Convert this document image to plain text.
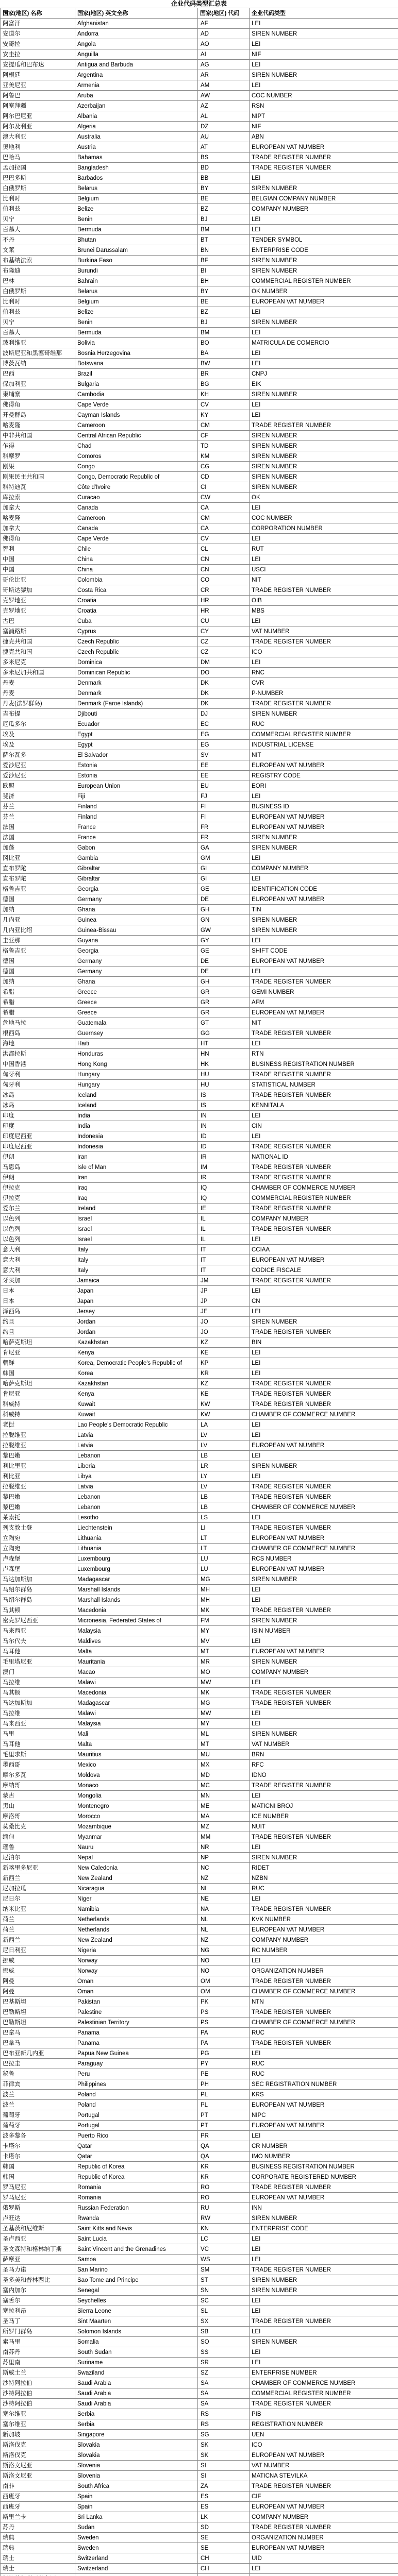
企业代码类型汇总表
国家(地区) 名称	国家(地区) 英文全称	国家(地区) 代码	企业代码类型
阿富汗	Afghanistan	AF	LEI
安道尔	Andorra	AD	SIREN NUMBER
安哥拉	Angola	AO	LEI
安圭拉	Anguilla	AI	NIF
安提瓜和巴布达	Antigua and Barbuda	AG	LEI
阿根廷	Argentina	AR	SIREN NUMBER
亚美尼亚	Armenia	AM	LEI
阿鲁巴	Aruba	AW	COC NUMBER
阿塞拜疆	Azerbaijan	AZ	RSN
阿尔巴尼亚	Albania	AL	NIPT
阿尔及利亚	Algeria	DZ	NIF
澳大利亚	Australia	AU	ABN
奥地利	Austria	AT	EUROPEAN VAT NUMBER
巴哈马	Bahamas	BS	TRADE REGISTER NUMBER
孟加拉国	Bangladesh	BD	TRADE REGISTER NUMBER
巴巴多斯	Barbados	BB	LEI
白俄罗斯	Belarus	BY	SIREN NUMBER
比利时	Belgium	BE	BELGIAN COMPANY NUMBER
伯利兹	Belize	BZ	COMPANY NUMBER
贝宁	Benin	BJ	LEI
百慕大	Bermuda	BM	LEI
不丹	Bhutan	BT	TENDER SYMBOL
文莱	Brunei Darussalam	BN	ENTERPRISE CODE
布基纳法索	Burkina Faso	BF	SIREN NUMBER
布隆迪	Burundi	BI	SIREN NUMBER
巴林	Bahrain	BH	COMMERCIAL REGISTER NUMBER
白俄罗斯	Belarus	BY	OK NUMBER
比利时	Belgium	BE	EUROPEAN VAT NUMBER
伯利兹	Belize	BZ	LEI
贝宁	Benin	BJ	SIREN NUMBER
百慕大	Bermuda	BM	LEI
玻利维亚	Bolivia	BO	MATRICULA DE COMERCIO
波斯尼亚和黑塞哥维那	Bosnia Herzegovina	BA	LEI
博茨瓦纳	Botswana	BW	LEI
巴西	Brazil	BR	CNPJ
保加利亚	Bulgaria	BG	EIK
柬埔寨	Cambodia	KH	SIREN NUMBER
佛得角	Cape Verde	CV	LEI
开曼群岛	Cayman Islands	KY	LEI
喀麦隆	Cameroon	CM	TRADE REGISTER NUMBER
中非共和国	Central African Republic	CF	SIREN NUMBER
乍得	Chad	TD	SIREN NUMBER
科摩罗	Comoros	KM	SIREN NUMBER
刚果	Congo	CG	SIREN NUMBER
刚果民主共和国	Congo, Democratic Republic of	CD	SIREN NUMBER
科特迪瓦	Côte d'Ivoire	CI	SIREN NUMBER
库拉索	Curacao	CW	OK
加拿大	Canada	CA	LEI
喀麦隆	Cameroon	CM	COC NUMBER
加拿大	Canada	CA	CORPORATION NUMBER
佛得角	Cape Verde	CV	LEI
智利	Chile	CL	RUT
中国	China	CN	LEI
中国	China	CN	USCI
哥伦比亚	Colombia	CO	NIT
哥斯达黎加	Costa Rica	CR	TRADE REGISTER NUMBER
克罗地亚	Croatia	HR	OIB
克罗地亚	Croatia	HR	MBS
古巴	Cuba	CU	LEI
塞浦路斯	Cyprus	CY	VAT NUMBER
捷克共和国	Czech Republic	CZ	TRADE REGISTER NUMBER
捷克共和国	Czech Republic	CZ	ICO
多米尼克	Dominica	DM	LEI
多米尼加共和国	Dominican Republic	DO	RNC
丹麦	Denmark	DK	CVR
丹麦	Denmark	DK	P-NUMBER
丹麦(法罗群岛)	Denmark (Faroe Islands)	DK	TRADE REGISTER NUMBER
吉布提	Djibouti	DJ	SIREN NUMBER
厄瓜多尔	Ecuador	EC	RUC
埃及	Egypt	EG	COMMERCIAL REGISTER NUMBER
埃及	Egypt	EG	INDUSTRIAL LICENSE
萨尔瓦多	El Salvador	SV	NIT
爱沙尼亚	Estonia	EE	EUROPEAN VAT NUMBER
爱沙尼亚	Estonia	EE	REGISTRY CODE
欧盟	European Union	EU	EORI
斐济	Fiji	FJ	LEI
芬兰	Finland	FI	BUSINESS ID
芬兰	Finland	FI	EUROPEAN VAT NUMBER
法国	France	FR	EUROPEAN VAT NUMBER
法国	France	FR	SIREN NUMBER
加蓬	Gabon	GA	SIREN NUMBER
冈比亚	Gambia	GM	LEI
直布罗陀	Gibraltar	GI	COMPANY NUMBER
直布罗陀	Gibraltar	GI	LEI
格鲁吉亚	Georgia	GE	IDENTIFICATION CODE
德国	Germany	DE	EUROPEAN VAT NUMBER
加纳	Ghana	GH	TIN
几内亚	Guinea	GN	SIREN NUMBER
几内亚比绍	Guinea-Bissau	GW	SIREN NUMBER
圭亚那	Guyana	GY	LEI
格鲁吉亚	Georgia	GE	SHIFT CODE
德国	Germany	DE	EUROPEAN VAT NUMBER
德国	Germany	DE	LEI
加纳	Ghana	GH	TRADE REGISTER NUMBER
希腊	Greece	GR	GEMI NUMBER
希腊	Greece	GR	AFM
希腊	Greece	GR	EUROPEAN VAT NUMBER
危地马拉	Guatemala	GT	NIT
根西岛	Guernsey	GG	TRADE REGISTER NUMBER
海地	Haiti	HT	LEI
洪都拉斯	Honduras	HN	RTN
中国香港	Hong Kong	HK	BUSINESS REGISTRATION NUMBER
匈牙利	Hungary	HU	TRADE REGISTER NUMBER
匈牙利	Hungary	HU	STATISTICAL NUMBER
冰岛	Iceland	IS	TRADE REGISTER NUMBER
冰岛	Iceland	IS	KENNITALA
印度	India	IN	LEI
印度	India	IN	CIN
印度尼西亚	Indonesia	ID	LEI
印度尼西亚	Indonesia	ID	TRADE REGISTER NUMBER
伊朗	Iran	IR	NATIONAL ID
马恩岛	Isle of Man	IM	TRADE REGISTER NUMBER
伊朗	Iran	IR	TRADE REGISTER NUMBER
伊拉克	Iraq	IQ	CHAMBER OF COMMERCE NUMBER
伊拉克	Iraq	IQ	COMMERCIAL REGISTER NUMBER
爱尔兰	Ireland	IE	TRADE REGISTER NUMBER
以色列	Israel	IL	COMPANY NUMBER
以色列	Israel	IL	TRADE REGISTER NUMBER
以色列	Israel	IL	LEI
意大利	Italy	IT	CCIAA
意大利	Italy	IT	EUROPEAN VAT NUMBER
意大利	Italy	IT	CODICE FISCALE
牙买加	Jamaica	JM	TRADE REGISTER NUMBER
日本	Japan	JP	LEI
日本	Japan	JP	CN
泽西岛	Jersey	JE	LEI
约旦	Jordan	JO	SIREN NUMBER
约旦	Jordan	JO	TRADE REGISTER NUMBER
哈萨克斯坦	Kazakhstan	KZ	BIN
肯尼亚	Kenya	KE	LEI
朝鲜	Korea, Democratic People's Republic of	KP	LEI
韩国	Korea	KR	LEI
哈萨克斯坦	Kazakhstan	KZ	TRADE REGISTER NUMBER
肯尼亚	Kenya	KE	TRADE REGISTER NUMBER
科威特	Kuwait	KW	TRADE REGISTER NUMBER
科威特	Kuwait	KW	CHAMBER OF COMMERCE NUMBER
老挝	Lao People's Democratic Republic	LA	LEI
拉脱维亚	Latvia	LV	LEI
拉脱维亚	Latvia	LV	EUROPEAN VAT NUMBER
黎巴嫩	Lebanon	LB	LEI
利比里亚	Liberia	LR	SIREN NUMBER
利比亚	Libya	LY	LEI
拉脱维亚	Latvia	LV	TRADE REGISTER NUMBER
黎巴嫩	Lebanon	LB	TRADE REGISTER NUMBER
黎巴嫩	Lebanon	LB	CHAMBER OF COMMERCE NUMBER
莱索托	Lesotho	LS	LEI
列支敦士登	Liechtenstein	LI	TRADE REGISTER NUMBER
立陶宛	Lithuania	LT	EUROPEAN VAT NUMBER
立陶宛	Lithuania	LT	CHAMBER OF COMMERCE NUMBER
卢森堡	Luxembourg	LU	RCS NUMBER
卢森堡	Luxembourg	LU	EUROPEAN VAT NUMBER
马达加斯加	Madagascar	MG	SIREN NUMBER
马绍尔群岛	Marshall Islands	MH	LEI
马绍尔群岛	Marshall Islands	MH	LEI
马其顿	Macedonia	MK	TRADE REGISTER NUMBER
密克罗尼西亚	Micronesia, Federated States of	FM	SIREN NUMBER
马来西亚	Malaysia	MY	ISIN NUMBER
马尔代夫	Maldives	MV	LEI
马耳他	Malta	MT	EUROPEAN VAT NUMBER
毛里塔尼亚	Mauritania	MR	SIREN NUMBER
澳门	Macao	MO	COMPANY NUMBER
马拉维	Malawi	MW	LEI
马其顿	Macedonia	MK	TRADE REGISTER NUMBER
马达加斯加	Madagascar	MG	TRADE REGISTER NUMBER
马拉维	Malawi	MW	LEI
马来西亚	Malaysia	MY	LEI
马里	Mali	ML	SIREN NUMBER
马耳他	Malta	MT	VAT NUMBER
毛里求斯	Mauritius	MU	BRN
墨西哥	Mexico	MX	RFC
摩尔多瓦	Moldova	MD	IDNO
摩纳哥	Monaco	MC	TRADE REGISTER NUMBER
蒙古	Mongolia	MN	LEI
黑山	Montenegro	ME	MATICNI BROJ
摩洛哥	Morocco	MA	ICE NUMBER
莫桑比克	Mozambique	MZ	NUIT
缅甸	Myanmar	MM	TRADE REGISTER NUMBER
瑙鲁	Nauru	NR	LEI
尼泊尔	Nepal	NP	SIREN NUMBER
新喀里多尼亚	New Caledonia	NC	RIDET
新西兰	New Zealand	NZ	NZBN
尼加拉瓜	Nicaragua	NI	RUC
尼日尔	Niger	NE	LEI
纳米比亚	Namibia	NA	TRADE REGISTER NUMBER
荷兰	Netherlands	NL	KVK NUMBER
荷兰	Netherlands	NL	EUROPEAN VAT NUMBER
新西兰	New Zealand	NZ	COMPANY NUMBER
尼日利亚	Nigeria	NG	RC NUMBER
挪威	Norway	NO	LEI
挪威	Norway	NO	ORGANIZATION NUMBER
阿曼	Oman	OM	TRADE REGISTER NUMBER
阿曼	Oman	OM	CHAMBER OF COMMERCE NUMBER
巴基斯坦	Pakistan	PK	NTN
巴勒斯坦	Palestine	PS	TRADE REGISTER NUMBER
巴勒斯坦	Palestinian Territory	PS	CHAMBER OF COMMERCE NUMBER
巴拿马	Panama	PA	RUC
巴拿马	Panama	PA	TRADE REGISTER NUMBER
巴布亚新几内亚	Papua New Guinea	PG	LEI
巴拉圭	Paraguay	PY	RUC
秘鲁	Peru	PE	RUC
菲律宾	Philippines	PH	SEC REGISTRATION NUMBER
波兰	Poland	PL	KRS
波兰	Poland	PL	EUROPEAN VAT NUMBER
葡萄牙	Portugal	PT	NIPC
葡萄牙	Portugal	PT	EUROPEAN VAT NUMBER
波多黎各	Puerto Rico	PR	LEI
卡塔尔	Qatar	QA	CR NUMBER
卡塔尔	Qatar	QA	IMO NUMBER
韩国	Republic of Korea	KR	BUSINESS REGISTRATION NUMBER
韩国	Republic of Korea	KR	CORPORATE REGISTERED NUMBER
罗马尼亚	Romania	RO	TRADE REGISTER NUMBER
罗马尼亚	Romania	RO	EUROPEAN VAT NUMBER
俄罗斯	Russian Federation	RU	INN
卢旺达	Rwanda	RW	SIREN NUMBER
圣基茨和尼维斯	Saint Kitts and Nevis	KN	ENTERPRISE CODE
圣卢西亚	Saint Lucia	LC	LEI
圣文森特和格林纳丁斯	Saint Vincent and the Grenadines	VC	LEI
萨摩亚	Samoa	WS	LEI
圣马力诺	San Marino	SM	TRADE REGISTER NUMBER
圣多美和普林西比	Sao Tome and Principe	ST	SIREN NUMBER
塞内加尔	Senegal	SN	SIREN NUMBER
塞舌尔	Seychelles	SC	LEI
塞拉利昂	Sierra Leone	SL	LEI
圣马丁	Sint Maarten	SX	TRADE REGISTER NUMBER
所罗门群岛	Solomon Islands	SB	LEI
索马里	Somalia	SO	SIREN NUMBER
南苏丹	South Sudan	SS	LEI
苏里南	Suriname	SR	LEI
斯威士兰	Swaziland	SZ	ENTERPRISE NUMBER
沙特阿拉伯	Saudi Arabia	SA	CHAMBER OF COMMERCE NUMBER
沙特阿拉伯	Saudi Arabia	SA	COMMERCIAL REGISTER NUMBER
沙特阿拉伯	Saudi Arabia	SA	TRADE REGISTER NUMBER
塞尔维亚	Serbia	RS	PIB
塞尔维亚	Serbia	RS	REGISTRATION NUMBER
新加坡	Singapore	SG	UEN
斯洛伐克	Slovakia	SK	ICO
斯洛伐克	Slovakia	SK	EUROPEAN VAT NUMBER
斯洛文尼亚	Slovenia	SI	VAT NUMBER
斯洛文尼亚	Slovenia	SI	MATICNA STEVILKA
南非	South Africa	ZA	TRADE REGISTER NUMBER
西班牙	Spain	ES	CIF
西班牙	Spain	ES	EUROPEAN VAT NUMBER
斯里兰卡	Sri Lanka	LK	COMPANY NUMBER
苏丹	Sudan	SD	TRADE REGISTER NUMBER
瑞典	Sweden	SE	ORGANIZATION NUMBER
瑞典	Sweden	SE	EUROPEAN VAT NUMBER
瑞士	Switzerland	CH	UID
瑞士	Switzerland	CH	LEI
